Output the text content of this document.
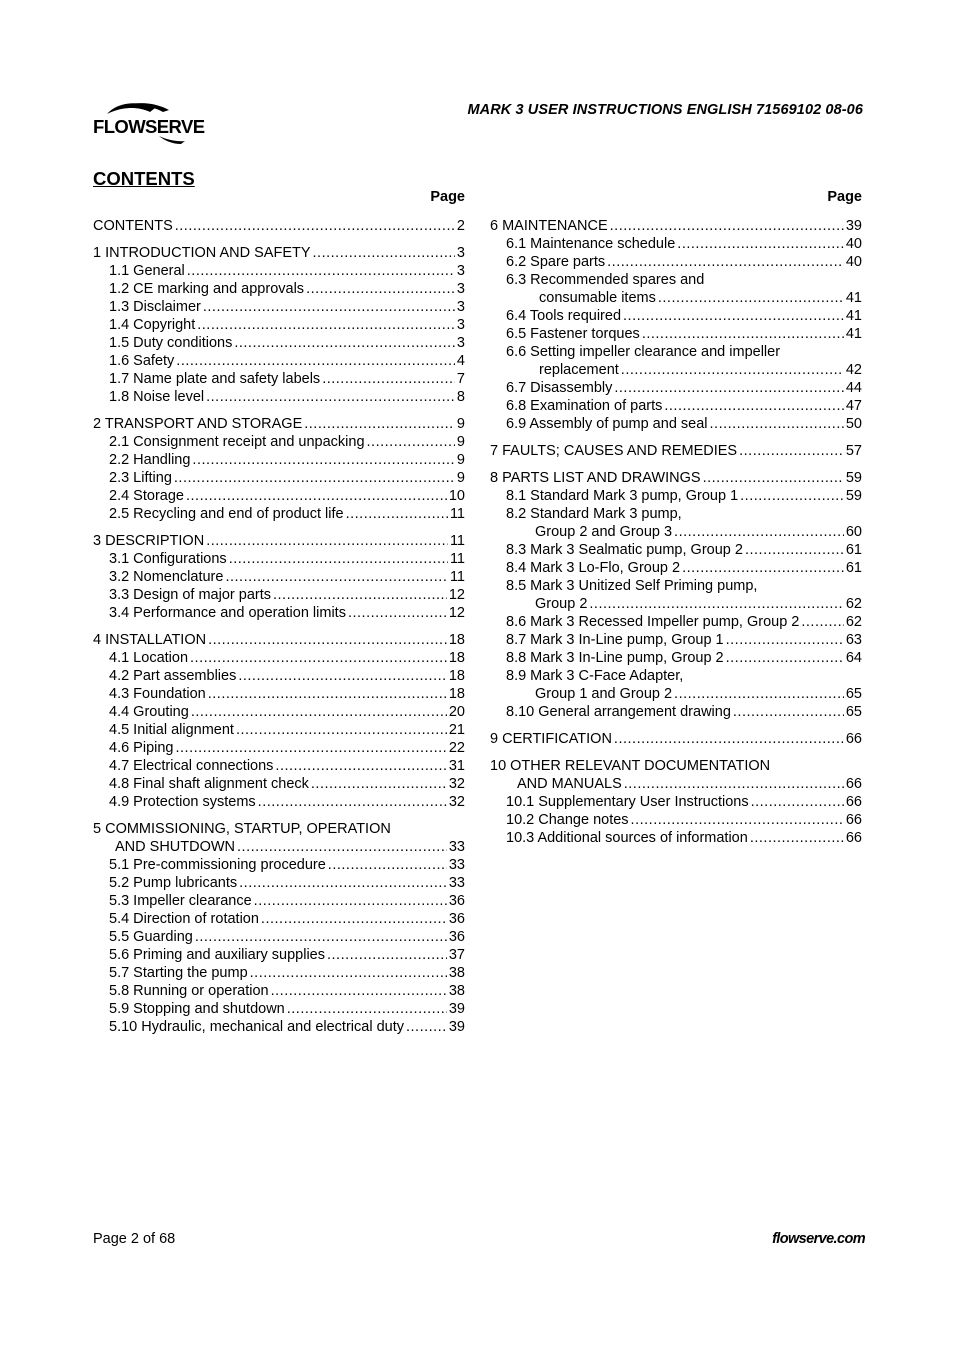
FLOWSERVE
MARK 3 USER INSTRUCTIONS ENGLISH 71569102 08-06
CONTENTS
Page
CONTENTS .....	2
1 INTRODUCTION AND SAFETY .....	3
1.1 General .....	3
1.2 CE marking and approvals .....	3
1.3 Disclaimer .....	3
1.4 Copyright .....	3
1.5 Duty conditions .....	3
1.6 Safety .....	4
1.7 Name plate and safety labels .....	7
1.8 Noise level .....	8
2 TRANSPORT AND STORAGE .....	9
2.1 Consignment receipt and unpacking .....	9
2.2 Handling .....	9
2.3 Lifting .....	9
2.4 Storage .....	10
2.5 Recycling and end of product life .....	11
3 DESCRIPTION .....	11
3.1 Configurations .....	11
3.2 Nomenclature .....	11
3.3 Design of major parts .....	12
3.4 Performance and operation limits .....	12
4 INSTALLATION .....	18
4.1 Location .....	18
4.2 Part assemblies .....	18
4.3 Foundation .....	18
4.4 Grouting .....	20
4.5 Initial alignment .....	21
4.6 Piping .....	22
4.7 Electrical connections .....	31
4.8 Final shaft alignment check .....	32
4.9 Protection systems .....	32
5 COMMISSIONING, STARTUP, OPERATION
AND SHUTDOWN .....	33
5.1 Pre-commissioning procedure .....	33
5.2 Pump lubricants .....	33
5.3 Impeller clearance .....	36
5.4 Direction of rotation .....	36
5.5 Guarding .....	36
5.6 Priming and auxiliary supplies .....	37
5.7 Starting the pump .....	38
5.8 Running or operation .....	38
5.9 Stopping and shutdown .....	39
5.10 Hydraulic, mechanical and electrical duty .....	39
Page
6 MAINTENANCE .....	39
6.1 Maintenance schedule .....	40
6.2 Spare parts .....	40
6.3 Recommended spares and
consumable items .....	41
6.4 Tools required .....	41
6.5 Fastener torques .....	41
6.6 Setting impeller clearance and impeller
replacement .....	42
6.7 Disassembly .....	44
6.8 Examination of parts .....	47
6.9 Assembly of pump and seal .....	50
7 FAULTS; CAUSES AND REMEDIES .....	57
8 PARTS LIST AND DRAWINGS .....	59
8.1 Standard Mark 3 pump, Group 1 .....	59
8.2 Standard Mark 3 pump,
Group 2 and Group 3 .....	60
8.3 Mark 3 Sealmatic pump, Group 2 .....	61
8.4 Mark 3 Lo-Flo, Group 2 .....	61
8.5 Mark 3 Unitized Self Priming pump,
Group 2 .....	62
8.6 Mark 3 Recessed Impeller pump, Group 2 .....	62
8.7 Mark 3 In-Line pump, Group 1 .....	63
8.8 Mark 3 In-Line pump, Group 2 .....	64
8.9 Mark 3 C-Face Adapter,
Group 1 and Group 2 .....	65
8.10 General arrangement drawing .....	65
9 CERTIFICATION .....	66
10 OTHER RELEVANT DOCUMENTATION
AND MANUALS .....	66
10.1 Supplementary User Instructions .....	66
10.2 Change notes .....	66
10.3 Additional sources of information .....	66
Page 2 of 68	flowserve.com
